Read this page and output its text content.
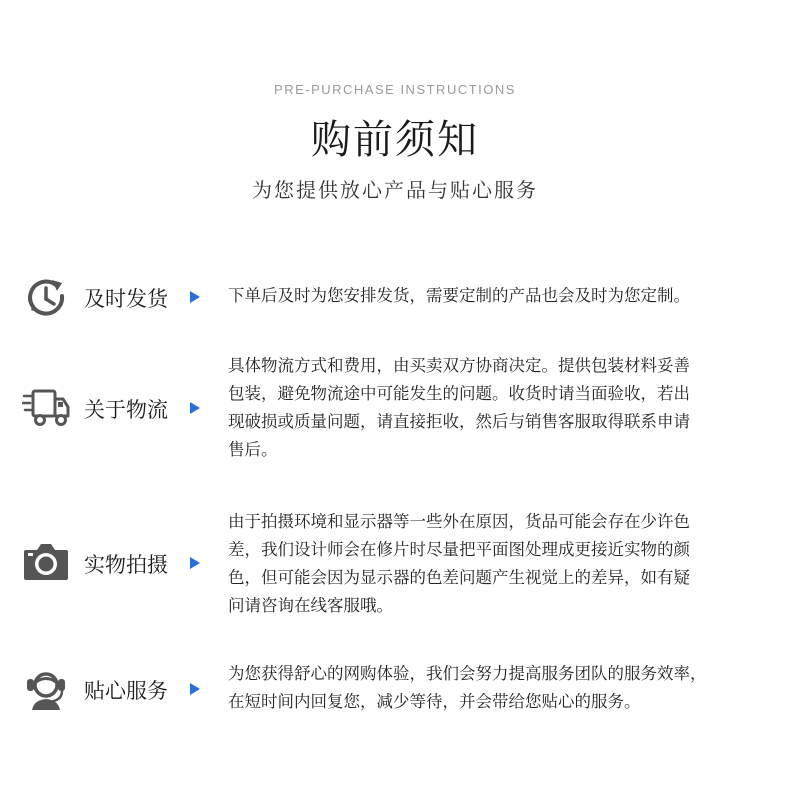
PRE-PURCHASE INSTRUCTIONS
购前须知
为您提供放心产品与贴心服务
及时发货	下单后及时为您安排发货，需要定制的产品也会及时为您定制。

关于物流

具体物流方式和费用，由买卖双方协商决定。提供包装材料妥善

包装，避免物流途中可能发生的问题。收货时请当面验收，若出

现破损或质量问题，请直接拒收，然后与销售客服取得联系申请

售后。

实物拍摄

由于拍摄环境和显示器等一些外在原因，货品可能会存在少许色

差，我们设计师会在修片时尽量把平面图处理成更接近实物的颜

色，但可能会因为显示器的色差问题产生视觉上的差异，如有疑

问请咨询在线客服哦。

贴心服务

为您获得舒心的网购体验，我们会努力提高服务团队的服务效率，

在短时间内回复您，减少等待，并会带给您贴心的服务。
